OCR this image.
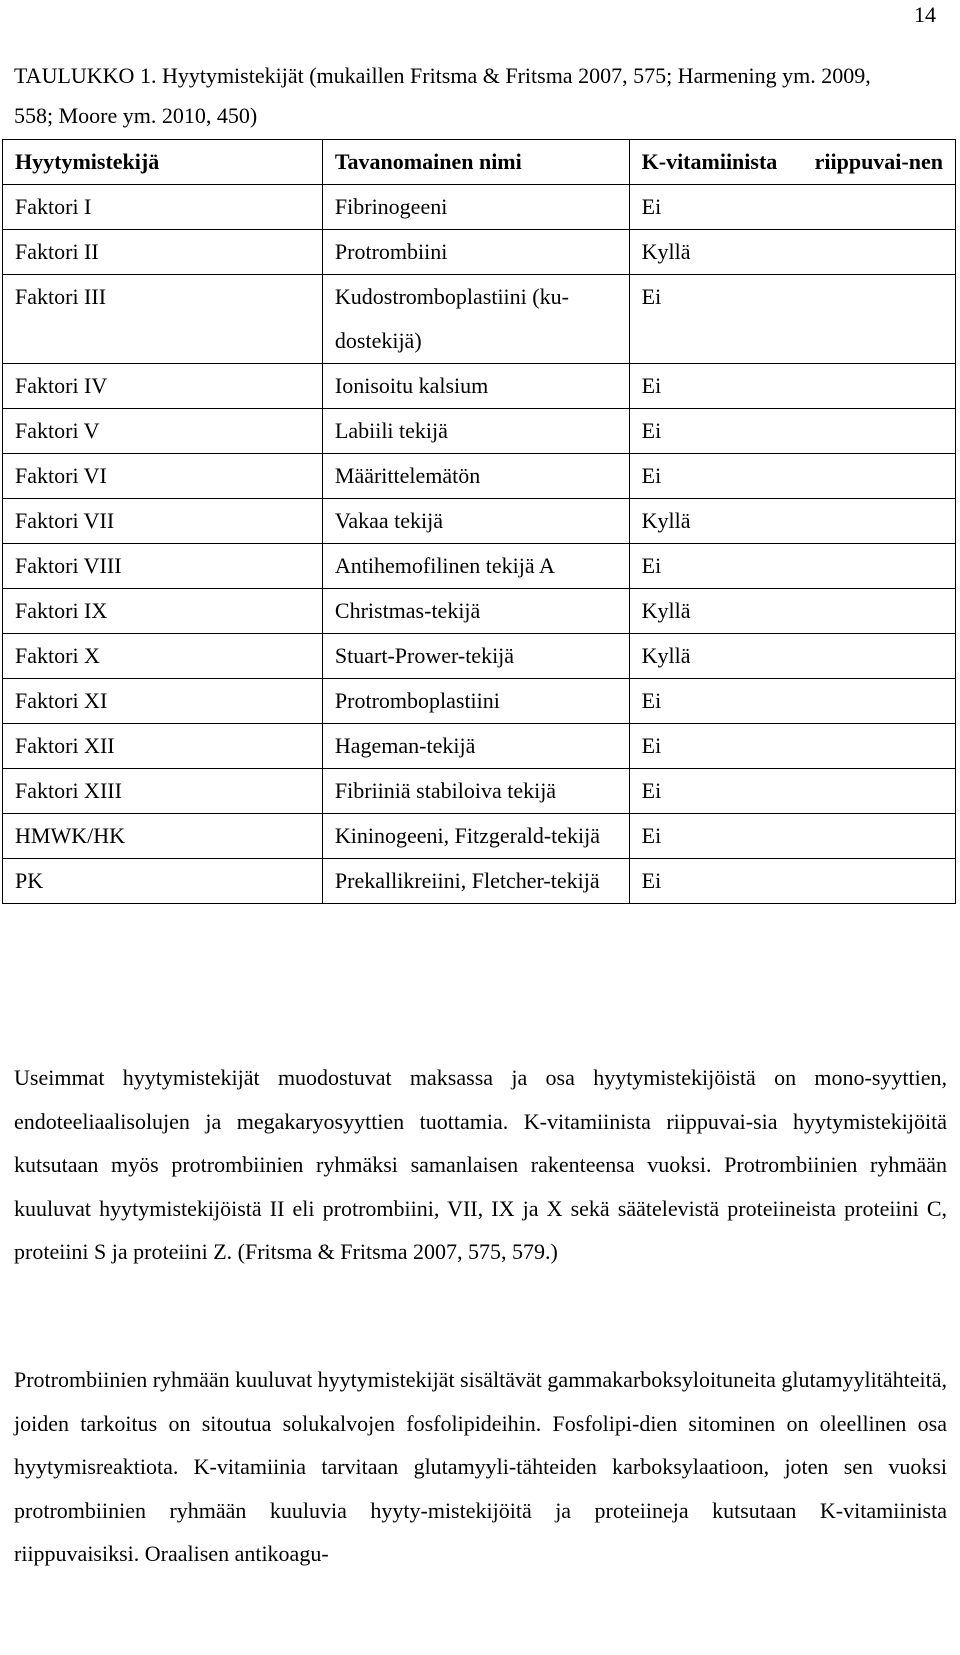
14
TAULUKKO 1. Hyytymistekijät (mukaillen Fritsma & Fritsma 2007, 575; Harmening ym. 2009, 558; Moore ym. 2010, 450)
Hyytymistekijä	Tavanomainen nimi	K-vitamiinista riippuvai-nen
Faktori I	Fibrinogeeni	Ei
Faktori II	Protrombiini	Kyllä
Faktori III	Kudostromboplastiini (ku-dostekijä)	Ei
Faktori IV	Ionisoitu kalsium	Ei
Faktori V	Labiili tekijä	Ei
Faktori VI	Määrittelemätön	Ei
Faktori VII	Vakaa tekijä	Kyllä
Faktori VIII	Antihemofilinen tekijä A	Ei
Faktori IX	Christmas-tekijä	Kyllä
Faktori X	Stuart-Prower-tekijä	Kyllä
Faktori XI	Protromboplastiini	Ei
Faktori XII	Hageman-tekijä	Ei
Faktori XIII	Fibriiniä stabiloiva tekijä	Ei
HMWK/HK	Kininogeeni, Fitzgerald-tekijä	Ei
PK	Prekallikreiini, Fletcher-tekijä	Ei
Useimmat hyytymistekijät muodostuvat maksassa ja osa hyytymistekijöistä on mono-syyttien, endoteeliaalisolujen ja megakaryosyyttien tuottamia. K-vitamiinista riippuvai-sia hyytymistekijöitä kutsutaan myös protrombiinien ryhmäksi samanlaisen rakenteensa vuoksi. Protrombiinien ryhmään kuuluvat hyytymistekijöistä II eli protrombiini, VII, IX ja X sekä säätelevistä proteiineista proteiini C, proteiini S ja proteiini Z. (Fritsma & Fritsma 2007, 575, 579.)
Protrombiinien ryhmään kuuluvat hyytymistekijät sisältävät gammakarboksyloituneita glutamyylitähteitä, joiden tarkoitus on sitoutua solukalvojen fosfolipideihin. Fosfolipi-dien sitominen on oleellinen osa hyytymisreaktiota. K-vitamiinia tarvitaan glutamyyli-tähteiden karboksylaatioon, joten sen vuoksi protrombiinien ryhmään kuuluvia hyyty-mistekijöitä ja proteiineja kutsutaan K-vitamiinista riippuvaisiksi. Oraalisen antikoagu-
